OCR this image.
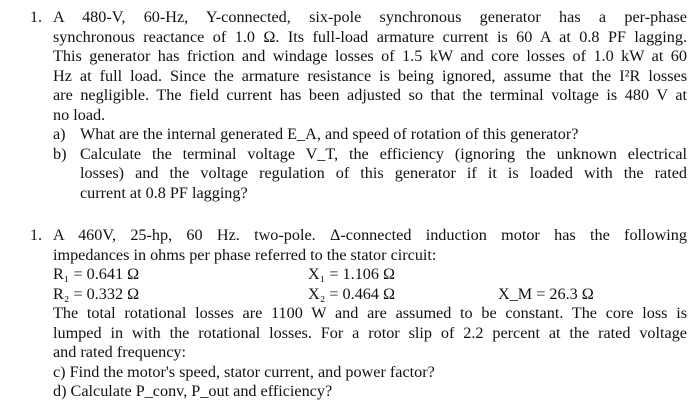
1. A 480-V, 60-Hz, Y-connected, six-pole synchronous generator has a per-phase
synchronous reactance of 1.0 Ω. Its full-load armature current is 60 A at 0.8 PF lagging.
This generator has friction and windage losses of 1.5 kW and core losses of 1.0 kW at 60
Hz at full load. Since the armature resistance is being ignored, assume that the I²R losses
are negligible. The field current has been adjusted so that the terminal voltage is 480 V at
no load.
a) What are the internal generated E_A, and speed of rotation of this generator?
b) Calculate the terminal voltage V_T, the efficiency (ignoring the unknown electrical
losses) and the voltage regulation of this generator if it is loaded with the rated
current at 0.8 PF lagging?
1. A 460V, 25-hp, 60 Hz. two-pole. Δ-connected induction motor has the following
impedances in ohms per phase referred to the stator circuit:
R₁ = 0.641 Ω	X₁ = 1.106 Ω
R₂ = 0.332 Ω	X₂ = 0.464 Ω	X_M = 26.3 Ω
The total rotational losses are 1100 W and are assumed to be constant. The core loss is
lumped in with the rotational losses. For a rotor slip of 2.2 percent at the rated voltage
and rated frequency:
c) Find the motor's speed, stator current, and power factor?
d) Calculate P_conv, P_out and efficiency?
